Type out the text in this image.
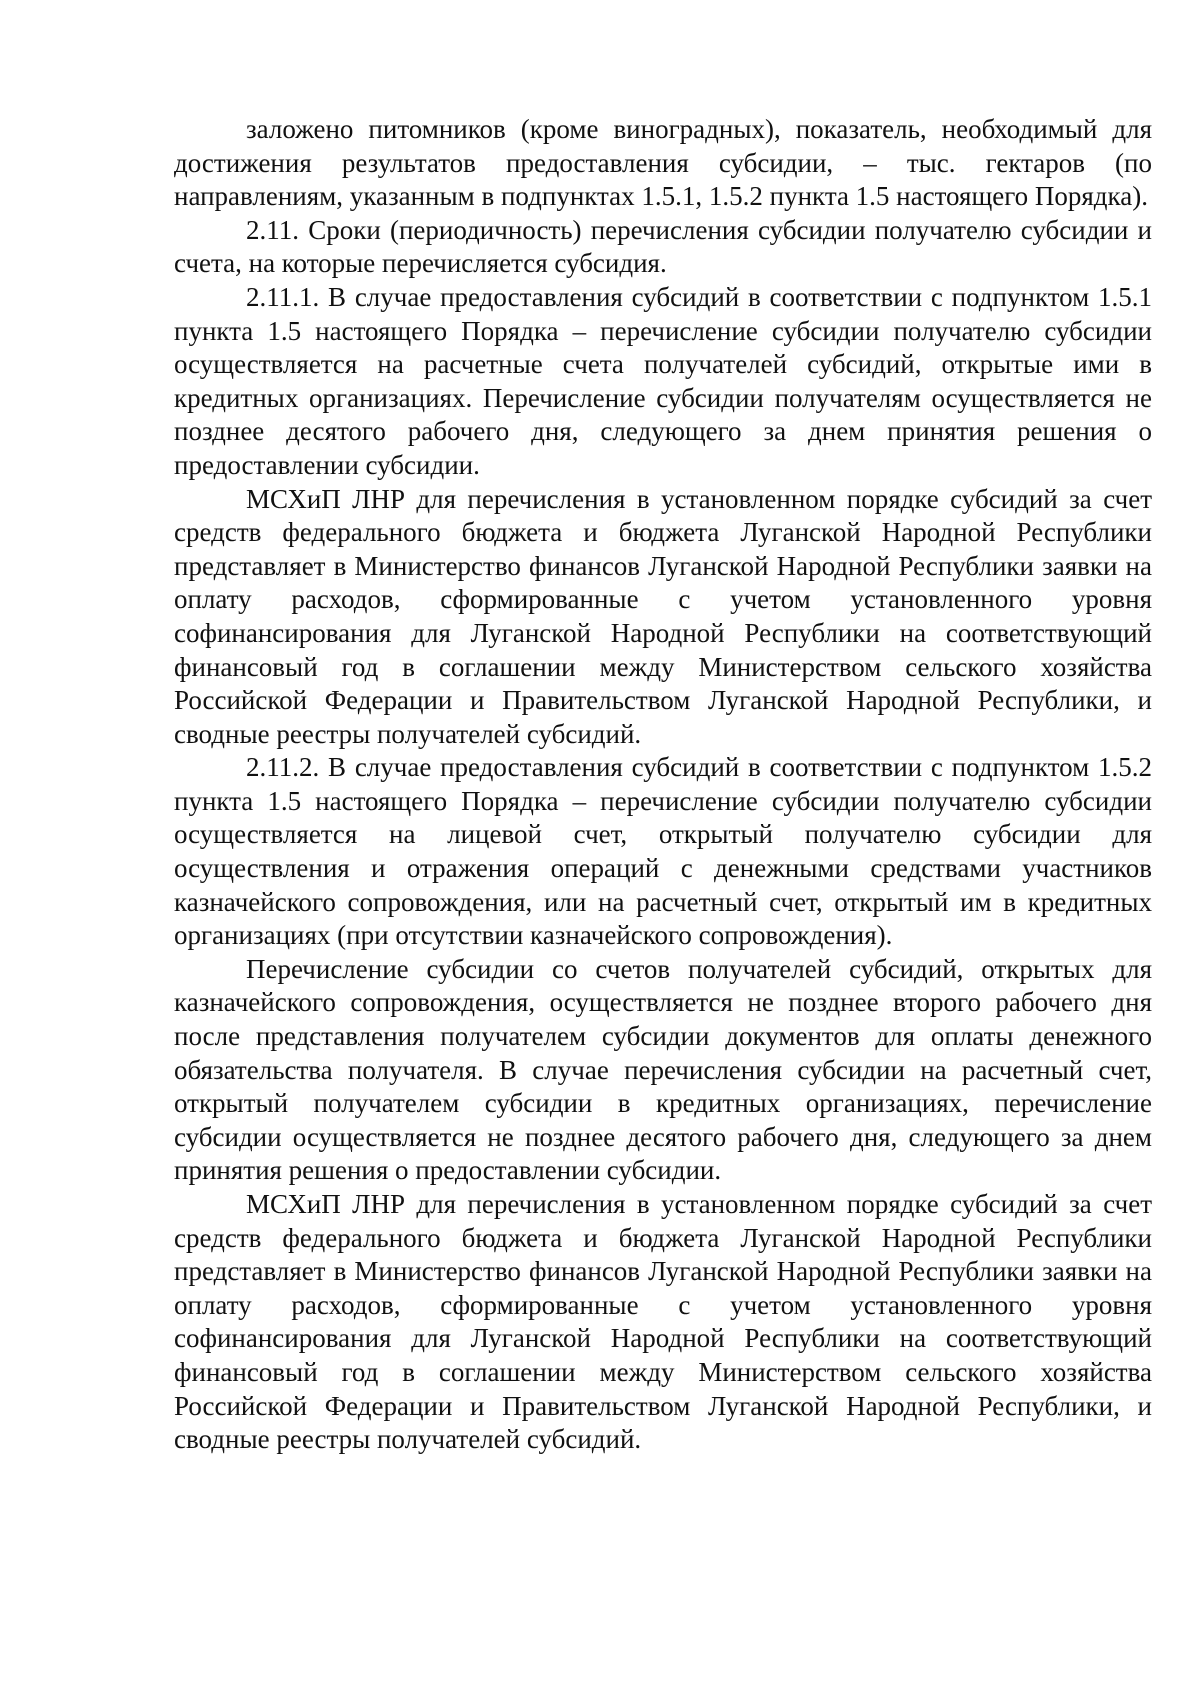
заложено питомников (кроме виноградных), показатель, необходимый для достижения результатов предоставления субсидии, – тыс. гектаров (по направлениям, указанным в подпунктах 1.5.1, 1.5.2 пункта 1.5 настоящего Порядка).

2.11. Сроки (периодичность) перечисления субсидии получателю субсидии и счета, на которые перечисляется субсидия.

2.11.1. В случае предоставления субсидий в соответствии с подпунктом 1.5.1 пункта 1.5 настоящего Порядка – перечисление субсидии получателю субсидии осуществляется на расчетные счета получателей субсидий, открытые ими в кредитных организациях. Перечисление субсидии получателям осуществляется не позднее десятого рабочего дня, следующего за днем принятия решения о предоставлении субсидии.

МСХиП ЛНР для перечисления в установленном порядке субсидий за счет средств федерального бюджета и бюджета Луганской Народной Республики представляет в Министерство финансов Луганской Народной Республики заявки на оплату расходов, сформированные с учетом установленного уровня софинансирования для Луганской Народной Республики на соответствующий финансовый год в соглашении между Министерством сельского хозяйства Российской Федерации и Правительством Луганской Народной Республики, и сводные реестры получателей субсидий.

2.11.2. В случае предоставления субсидий в соответствии с подпунктом 1.5.2 пункта 1.5 настоящего Порядка – перечисление субсидии получателю субсидии осуществляется на лицевой счет, открытый получателю субсидии для осуществления и отражения операций с денежными средствами участников казначейского сопровождения, или на расчетный счет, открытый им в кредитных организациях (при отсутствии казначейского сопровождения).

Перечисление субсидии со счетов получателей субсидий, открытых для казначейского сопровождения, осуществляется не позднее второго рабочего дня после представления получателем субсидии документов для оплаты денежного обязательства получателя. В случае перечисления субсидии на расчетный счет, открытый получателем субсидии в кредитных организациях, перечисление субсидии осуществляется не позднее десятого рабочего дня, следующего за днем принятия решения о предоставлении субсидии.

МСХиП ЛНР для перечисления в установленном порядке субсидий за счет средств федерального бюджета и бюджета Луганской Народной Республики представляет в Министерство финансов Луганской Народной Республики заявки на оплату расходов, сформированные с учетом установленного уровня софинансирования для Луганской Народной Республики на соответствующий финансовый год в соглашении между Министерством сельского хозяйства Российской Федерации и Правительством Луганской Народной Республики, и сводные реестры получателей субсидий.
